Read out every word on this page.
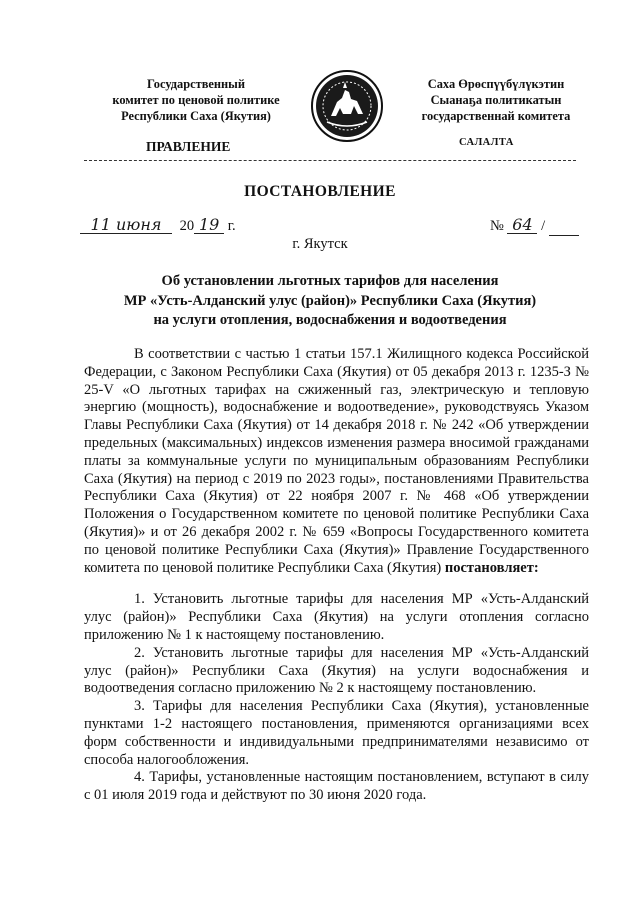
Государственный
комитет по ценовой политике
Республики Саха (Якутия)
Саха Өрөспүүбүлүкэтин
Сыанаҕа политикатын
государственнай комитета
ПРАВЛЕНИЕ	САЛАЛТА
ПОСТАНОВЛЕНИЕ
11 июня 20 19 г.	№ 64 /
г. Якутск
Об установлении льготных тарифов для населения
МР «Усть-Алданский улус (район)» Республики Саха (Якутия)
на услуги отопления, водоснабжения и водоотведения

В соответствии с частью 1 статьи 157.1 Жилищного кодекса Российской Федерации, с Законом Республики Саха (Якутия) от 05 декабря 2013 г. 1235-З № 25-V «О льготных тарифах на сжиженный газ, электрическую и тепловую энергию (мощность), водоснабжение и водоотведение», руководствуясь Указом Главы Республики Саха (Якутия) от 14 декабря 2018 г. № 242 «Об утверждении предельных (максимальных) индексов изменения размера вносимой гражданами платы за коммунальные услуги по муниципальным образованиям Республики Саха (Якутия) на период с 2019 по 2023 годы», постановлениями Правительства Республики Саха (Якутия) от 22 ноября 2007 г. № 468 «Об утверждении Положения о Государственном комитете по ценовой политике Республики Саха (Якутия)» и от 26 декабря 2002 г. № 659 «Вопросы Государственного комитета по ценовой политике Республики Саха (Якутия)» Правление Государственного комитета по ценовой политике Республики Саха (Якутия) постановляет:

1. Установить льготные тарифы для населения МР «Усть-Алданский улус (район)» Республики Саха (Якутия) на услуги отопления согласно приложению № 1 к настоящему постановлению.

2. Установить льготные тарифы для населения МР «Усть-Алданский улус (район)» Республики Саха (Якутия) на услуги водоснабжения и водоотведения согласно приложению № 2 к настоящему постановлению.

3. Тарифы для населения Республики Саха (Якутия), установленные пунктами 1-2 настоящего постановления, применяются организациями всех форм собственности и индивидуальными предпринимателями независимо от способа налогообложения.

4. Тарифы, установленные настоящим постановлением, вступают в силу с 01 июля 2019 года и действуют по 30 июня 2020 года.
